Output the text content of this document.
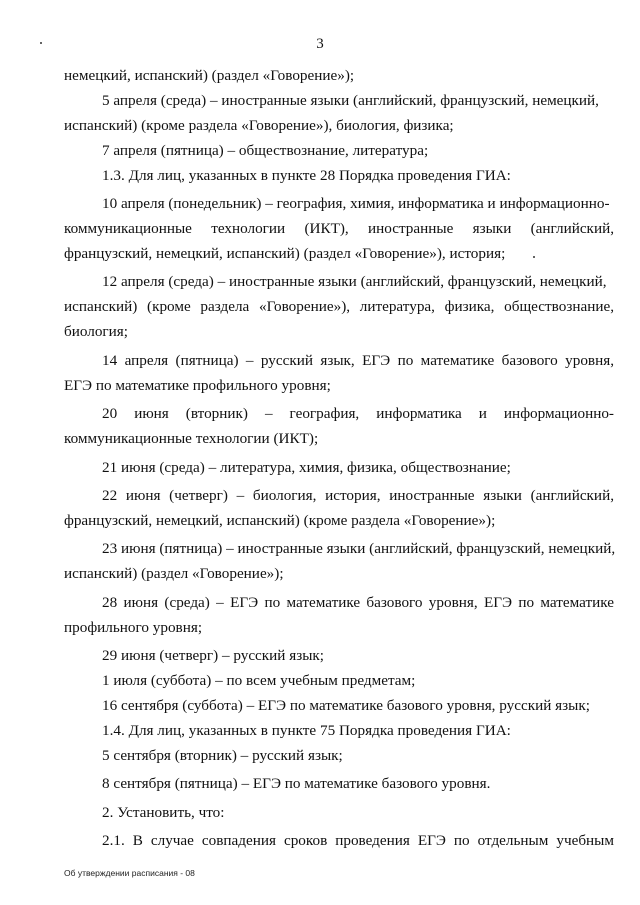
3
немецкий, испанский) (раздел «Говорение»);
5 апреля (среда) – иностранные языки (английский, французский, немецкий,
испанский) (кроме раздела «Говорение»), биология, физика;
7 апреля (пятница) – обществознание, литература;
1.3. Для лиц, указанных в пункте 28 Порядка проведения ГИА:
10 апреля (понедельник) – география, химия, информатика и информационно-
коммуникационные технологии (ИКТ), иностранные языки (английский,
французский, немецкий, испанский) (раздел «Говорение»), история;
12 апреля (среда) – иностранные языки (английский, французский, немецкий,
испанский) (кроме раздела «Говорение»), литература, физика, обществознание,
биология;
14 апреля (пятница) – русский язык, ЕГЭ по математике базового уровня,
ЕГЭ по математике профильного уровня;
20 июня (вторник) – география, информатика и информационно-
коммуникационные технологии (ИКТ);
21 июня (среда) – литература, химия, физика, обществознание;
22 июня (четверг) – биология, история, иностранные языки (английский,
французский, немецкий, испанский) (кроме раздела «Говорение»);
23 июня (пятница) – иностранные языки (английский, французский, немецкий,
испанский) (раздел «Говорение»);
28 июня (среда) – ЕГЭ по математике базового уровня, ЕГЭ по математике
профильного уровня;
29 июня (четверг) – русский язык;
1 июля (суббота) – по всем учебным предметам;
16 сентября (суббота) – ЕГЭ по математике базового уровня, русский язык;
1.4. Для лиц, указанных в пункте 75 Порядка проведения ГИА:
5 сентября (вторник) – русский язык;
8 сентября (пятница) – ЕГЭ по математике базового уровня.
2. Установить, что:
2.1. В случае совпадения сроков проведения ЕГЭ по отдельным учебным
Об утверждении расписания - 08
